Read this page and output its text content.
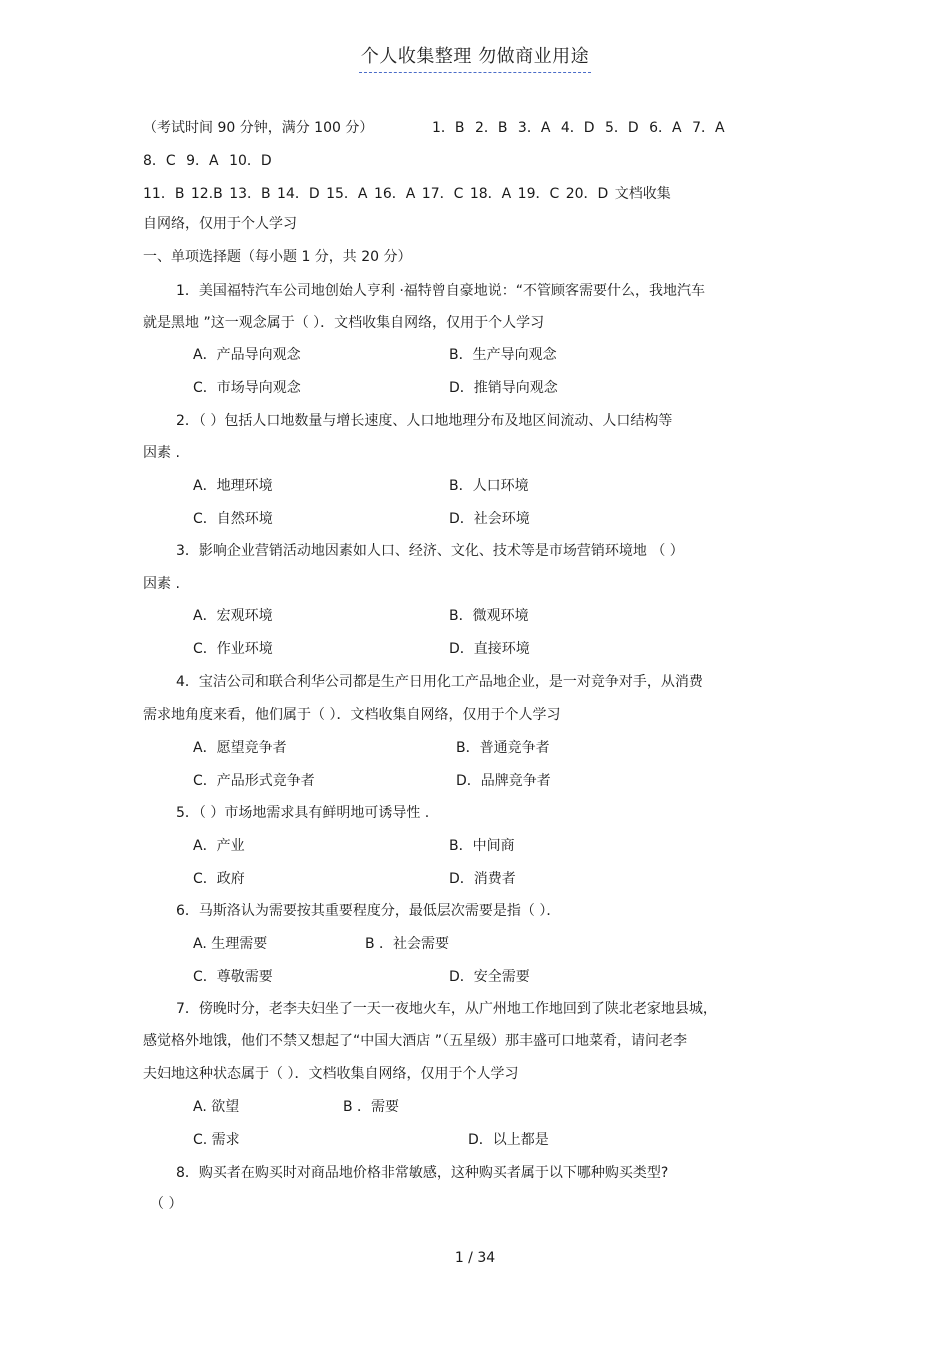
个人收集整理 勿做商业用途
（考试时间 90 分钟，满分 100 分）	1．B 2．B 3．A 4．D 5．D 6．A 7．A
8．C 9．A 10．D
11．B 12.B 13．B 14．D 15．A 16．A 17．C 18．A 19．C 20．D 文档收集
自网络，仅用于个人学习
一、单项选择题（每小题 1 分，共 20 分）
1．美国福特汽车公司地创始人亨利 ·福特曾自豪地说：“不管顾客需要什么，我地汽车
就是黑地 ”这一观念属于（ ）．文档收集自网络，仅用于个人学习
A．产品导向观念	B．生产导向观念
C．市场导向观念	D．推销导向观念
2．（ ）包括人口地数量与增长速度、人口地地理分布及地区间流动、人口结构等
因素 .
A．地理环境	B．人口环境
C．自然环境	D．社会环境
3．影响企业营销活动地因素如人口、经济、文化、技术等是市场营销环境地 （ ）
因素 .
A．宏观环境	B．微观环境
C．作业环境	D．直接环境
4．宝洁公司和联合利华公司都是生产日用化工产品地企业，是一对竞争对手，从消费
需求地角度来看，他们属于（ ）．文档收集自网络，仅用于个人学习
A．愿望竞争者	B．普通竞争者
C．产品形式竞争者	D．品牌竞争者
5．（ ）市场地需求具有鲜明地可诱导性 .
A．产业	B．中间商
C．政府	D．消费者
6．马斯洛认为需要按其重要程度分，最低层次需要是指（ ）．
A. 生理需要	B ．社会需要
C．尊敬需要	D．安全需要
7．傍晚时分，老李夫妇坐了一天一夜地火车，从广州地工作地回到了陕北老家地县城，
感觉格外地饿，他们不禁又想起了“中国大酒店 ”（五星级）那丰盛可口地菜肴，请问老李
夫妇地这种状态属于（ ）．文档收集自网络，仅用于个人学习
A. 欲望	B ．需要
C. 需求	D．以上都是
8．购买者在购买时对商品地价格非常敏感，这种购买者属于以下哪种购买类型?
（ ）
1 / 34
